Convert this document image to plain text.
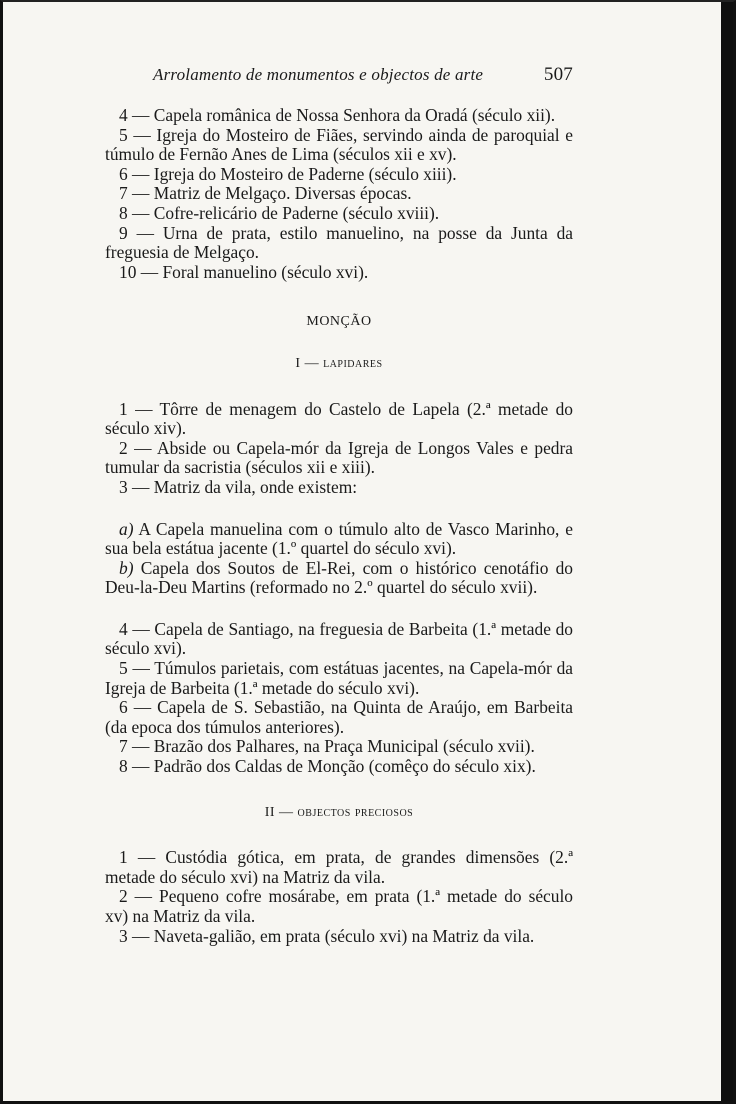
Arrolamento de monumentos e objectos de arte	507

4 — Capela românica de Nossa Senhora da Oradá (século xii).

5 — Igreja do Mosteiro de Fiães, servindo ainda de paroquial e túmulo de Fernão Anes de Lima (séculos xii e xv).

6 — Igreja do Mosteiro de Paderne (século xiii).

7 — Matriz de Melgaço. Diversas épocas.

8 — Cofre-relicário de Paderne (século xviii).

9 — Urna de prata, estilo manuelino, na posse da Junta da freguesia de Melgaço.

10 — Foral manuelino (século xvi).

MONÇÃO

I — lapidares

1 — Tôrre de menagem do Castelo de Lapela (2.ª metade do século xiv).

2 — Abside ou Capela-mór da Igreja de Longos Vales e pedra tumular da sacristia (séculos xii e xiii).

3 — Matriz da vila, onde existem:

a) A Capela manuelina com o túmulo alto de Vasco Marinho, e sua bela estátua jacente (1.º quartel do século xvi).

b) Capela dos Soutos de El-Rei, com o histórico cenotáfio do Deu-la-Deu Martins (reformado no 2.º quartel do século xvii).

4 — Capela de Santiago, na freguesia de Barbeita (1.ª metade do século xvi).

5 — Túmulos parietais, com estátuas jacentes, na Capela-mór da Igreja de Barbeita (1.ª metade do século xvi).

6 — Capela de S. Sebastião, na Quinta de Araújo, em Barbeita (da epoca dos túmulos anteriores).

7 — Brazão dos Palhares, na Praça Municipal (século xvii).

8 — Padrão dos Caldas de Monção (comêço do século xix).

II — objectos preciosos

1 — Custódia gótica, em prata, de grandes dimensões (2.ª metade do século xvi) na Matriz da vila.

2 — Pequeno cofre mosárabe, em prata (1.ª metade do século xv) na Matriz da vila.

3 — Naveta-galião, em prata (século xvi) na Matriz da vila.
